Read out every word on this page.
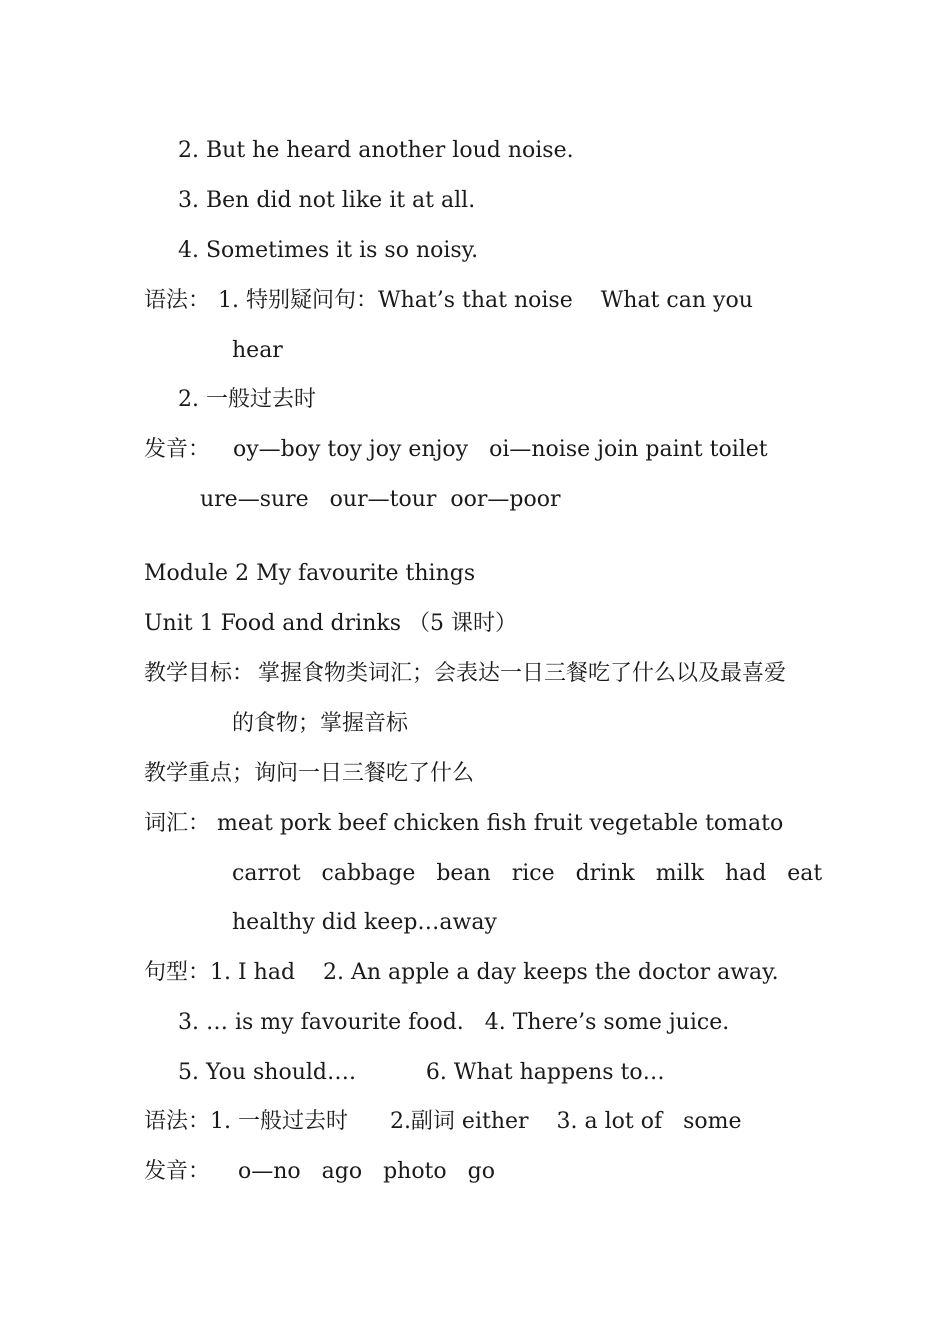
2. But he heard another loud noise.
3. Ben did not like it at all.
4. Sometimes it is so noisy.
语法： 1. 特别疑问句：What’s that noise    What can you
hear
2. 一般过去时
发音： oy—boy toy joy enjoy   oi—noise join paint toilet
ure—sure   our—tour  oor—poor
Module 2 My favourite things
Unit 1 Food and drinks （5 课时）
教学目标： 掌握食物类词汇；会表达一日三餐吃了什么以及最喜爱
的食物；掌握音标
教学重点；询问一日三餐吃了什么
词汇： meat pork beef chicken fish fruit vegetable tomato
carrot   cabbage   bean   rice   drink   milk   had   eat
healthy did keep…away
句型： 1. I had    2. An apple a day keeps the doctor away.
3. … is my favourite food.   4. There’s some juice.
5. You should….          6. What happens to…
语法： 1. 一般过去时      2.副词 either    3. a lot of   some
发音： o—no   ago   photo   go
